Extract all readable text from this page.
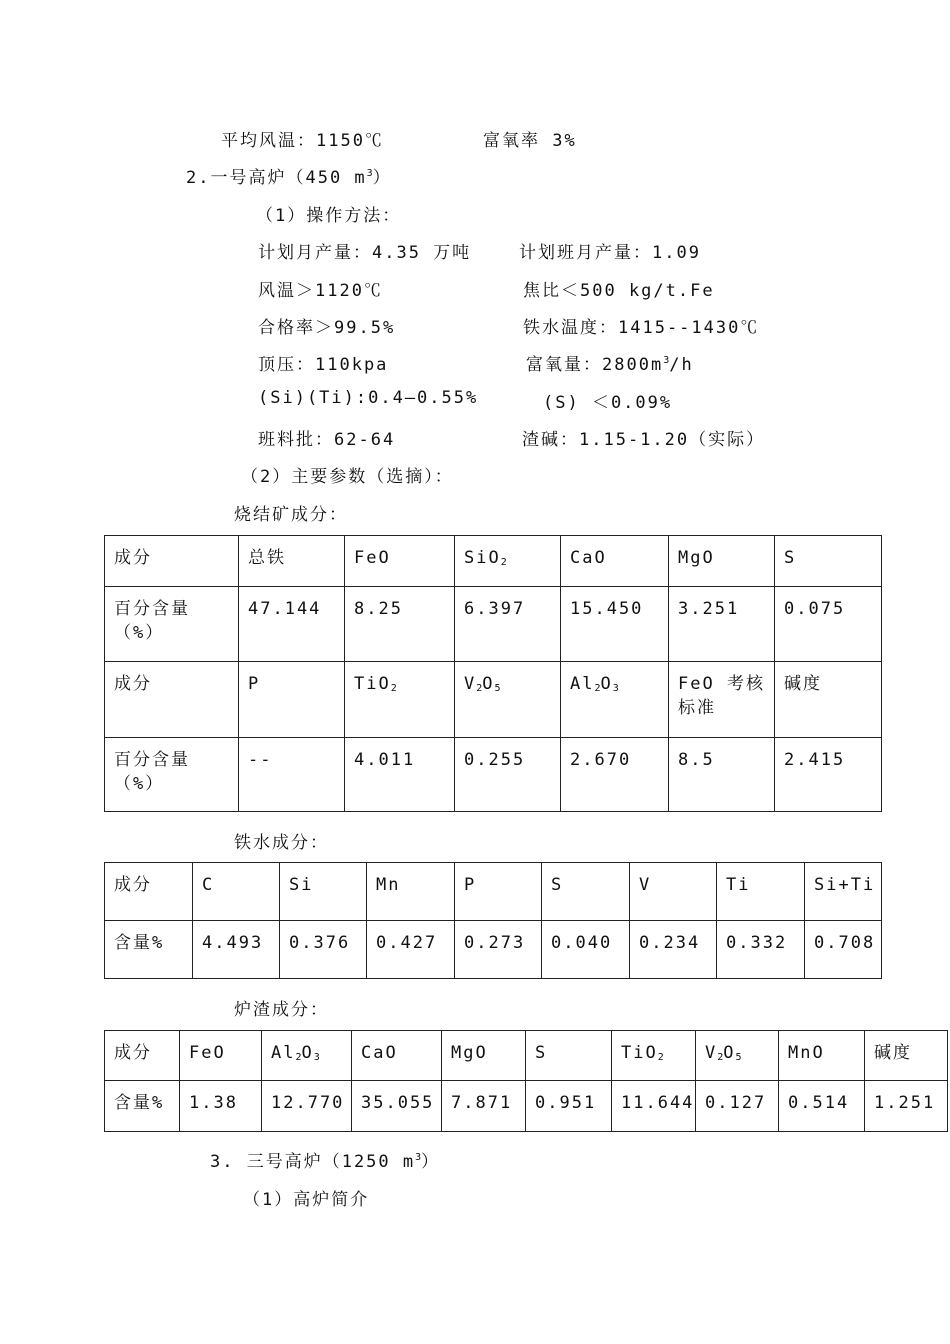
平均风温：1150℃	富氧率 3%
2.一号高炉（450 $m^3$）
（1）操作方法：
计划月产量：4.35 万吨	计划班月产量：1.09
风温＞1120℃	焦比＜500 kg/t.Fe
合格率＞99.5%	铁水温度：1415--1430℃
顶压：110kpa	富氧量：$2800m^3/h$
(Si)(Ti):0.4—0.55%	(S) ＜0.09%
班料批：62-64	渣碱：1.15-1.20（实际）
（2）主要参数（选摘）：
烧结矿成分：
成分	总铁	FeO	SiO$_2$	CaO	MgO	S
百分含量（%）	47.144	8.25	6.397	15.450	3.251	0.075
成分	P	TiO$_2$	$V_2O_5$	$Al_2O_3$	FeO 考核标准	碱度
百分含量（%）	--	4.011	0.255	2.670	8.5	2.415
铁水成分：
成分	C	Si	Mn	P	S	V	Ti	Si+Ti
含量%	4.493	0.376	0.427	0.273	0.040	0.234	0.332	0.708
炉渣成分：
成分	FeO	$Al_2O_3$	CaO	MgO	S	TiO$_2$	$V_2O_5$	MnO	碱度
含量%	1.38	12.770	35.055	7.871	0.951	11.644	0.127	0.514	1.251
3. 三号高炉（1250 $m^3$）
（1）高炉简介
